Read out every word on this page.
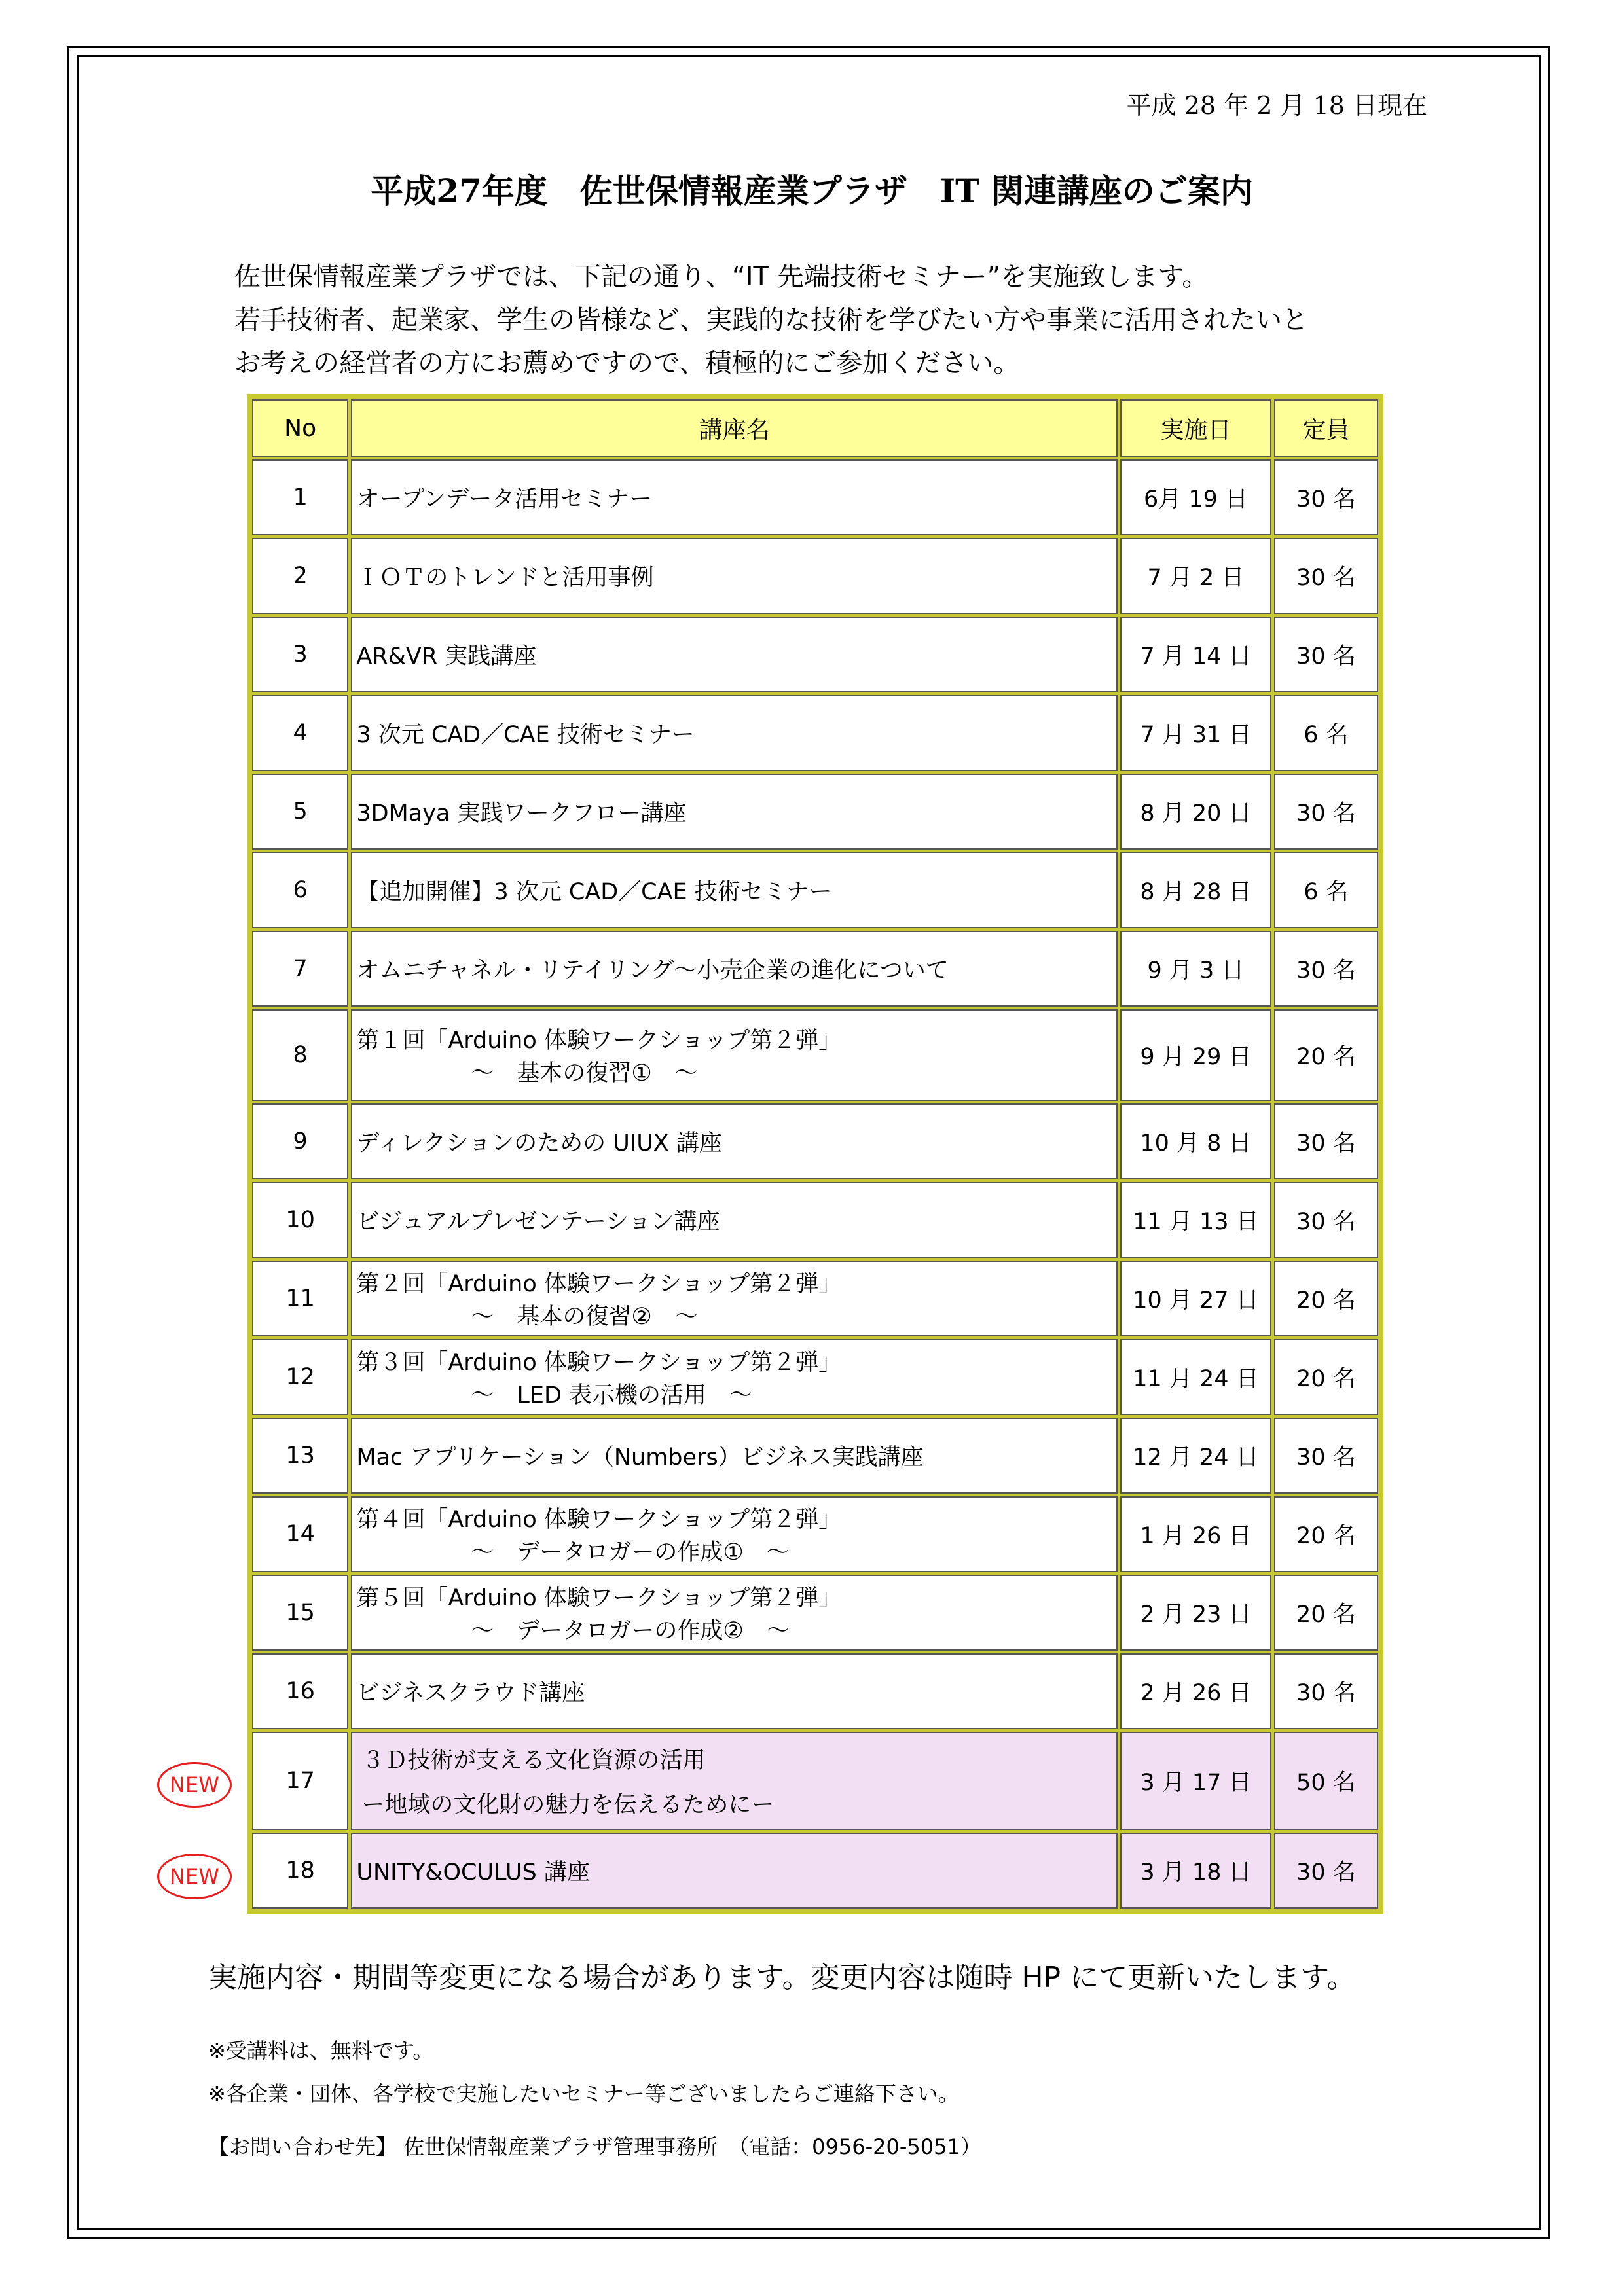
平成 28 年 2 月 18 日現在
平成27年度　佐世保情報産業プラザ　IT 関連講座のご案内
佐世保情報産業プラザでは、下記の通り、“IT 先端技術セミナー”を実施致します。
若手技術者、起業家、学生の皆様など、実践的な技術を学びたい方や事業に活用されたいと
お考えの経営者の方にお薦めですので、積極的にご参加ください。
No	講座名	実施日	定員
1	オープンデータ活用セミナー	6月 19 日	30 名
2	ＩＯＴのトレンドと活用事例	7 月 2 日	30 名
3	AR&VR 実践講座	7 月 14 日	30 名
4	3 次元 CAD／CAE 技術セミナー	7 月 31 日	6 名
5	3DMaya 実践ワークフロー講座	8 月 20 日	30 名
6	【追加開催】3 次元 CAD／CAE 技術セミナー	8 月 28 日	6 名
7	オムニチャネル・リテイリング～小売企業の進化について	9 月 3 日	30 名
8	第１回「Arduino 体験ワークショップ第２弾」
～　基本の復習①　～	9 月 29 日	20 名
9	ディレクションのための UIUX 講座	10 月 8 日	30 名
10	ビジュアルプレゼンテーション講座	11 月 13 日	30 名
11	第２回「Arduino 体験ワークショップ第２弾」
～　基本の復習②　～	10 月 27 日	20 名
12	第３回「Arduino 体験ワークショップ第２弾」
～　LED 表示機の活用　～	11 月 24 日	20 名
13	Mac アプリケーション（Numbers）ビジネス実践講座	12 月 24 日	30 名
14	第４回「Arduino 体験ワークショップ第２弾」
～　データロガーの作成①　～	1 月 26 日	20 名
15	第５回「Arduino 体験ワークショップ第２弾」
～　データロガーの作成②　～	2 月 23 日	20 名
16	ビジネスクラウド講座	2 月 26 日	30 名
17	３Ｄ技術が支える文化資源の活用
ー地域の文化財の魅力を伝えるためにー	3 月 17 日	50 名
18	UNITY&OCULUS 講座	3 月 18 日	30 名
NEW
NEW
実施内容・期間等変更になる場合があります。変更内容は随時 HP にて更新いたします。
※受講料は、無料です。
※各企業・団体、各学校で実施したいセミナー等ございましたらご連絡下さい。
【お問い合わせ先】 佐世保情報産業プラザ管理事務所　（電話：0956-20-5051）
